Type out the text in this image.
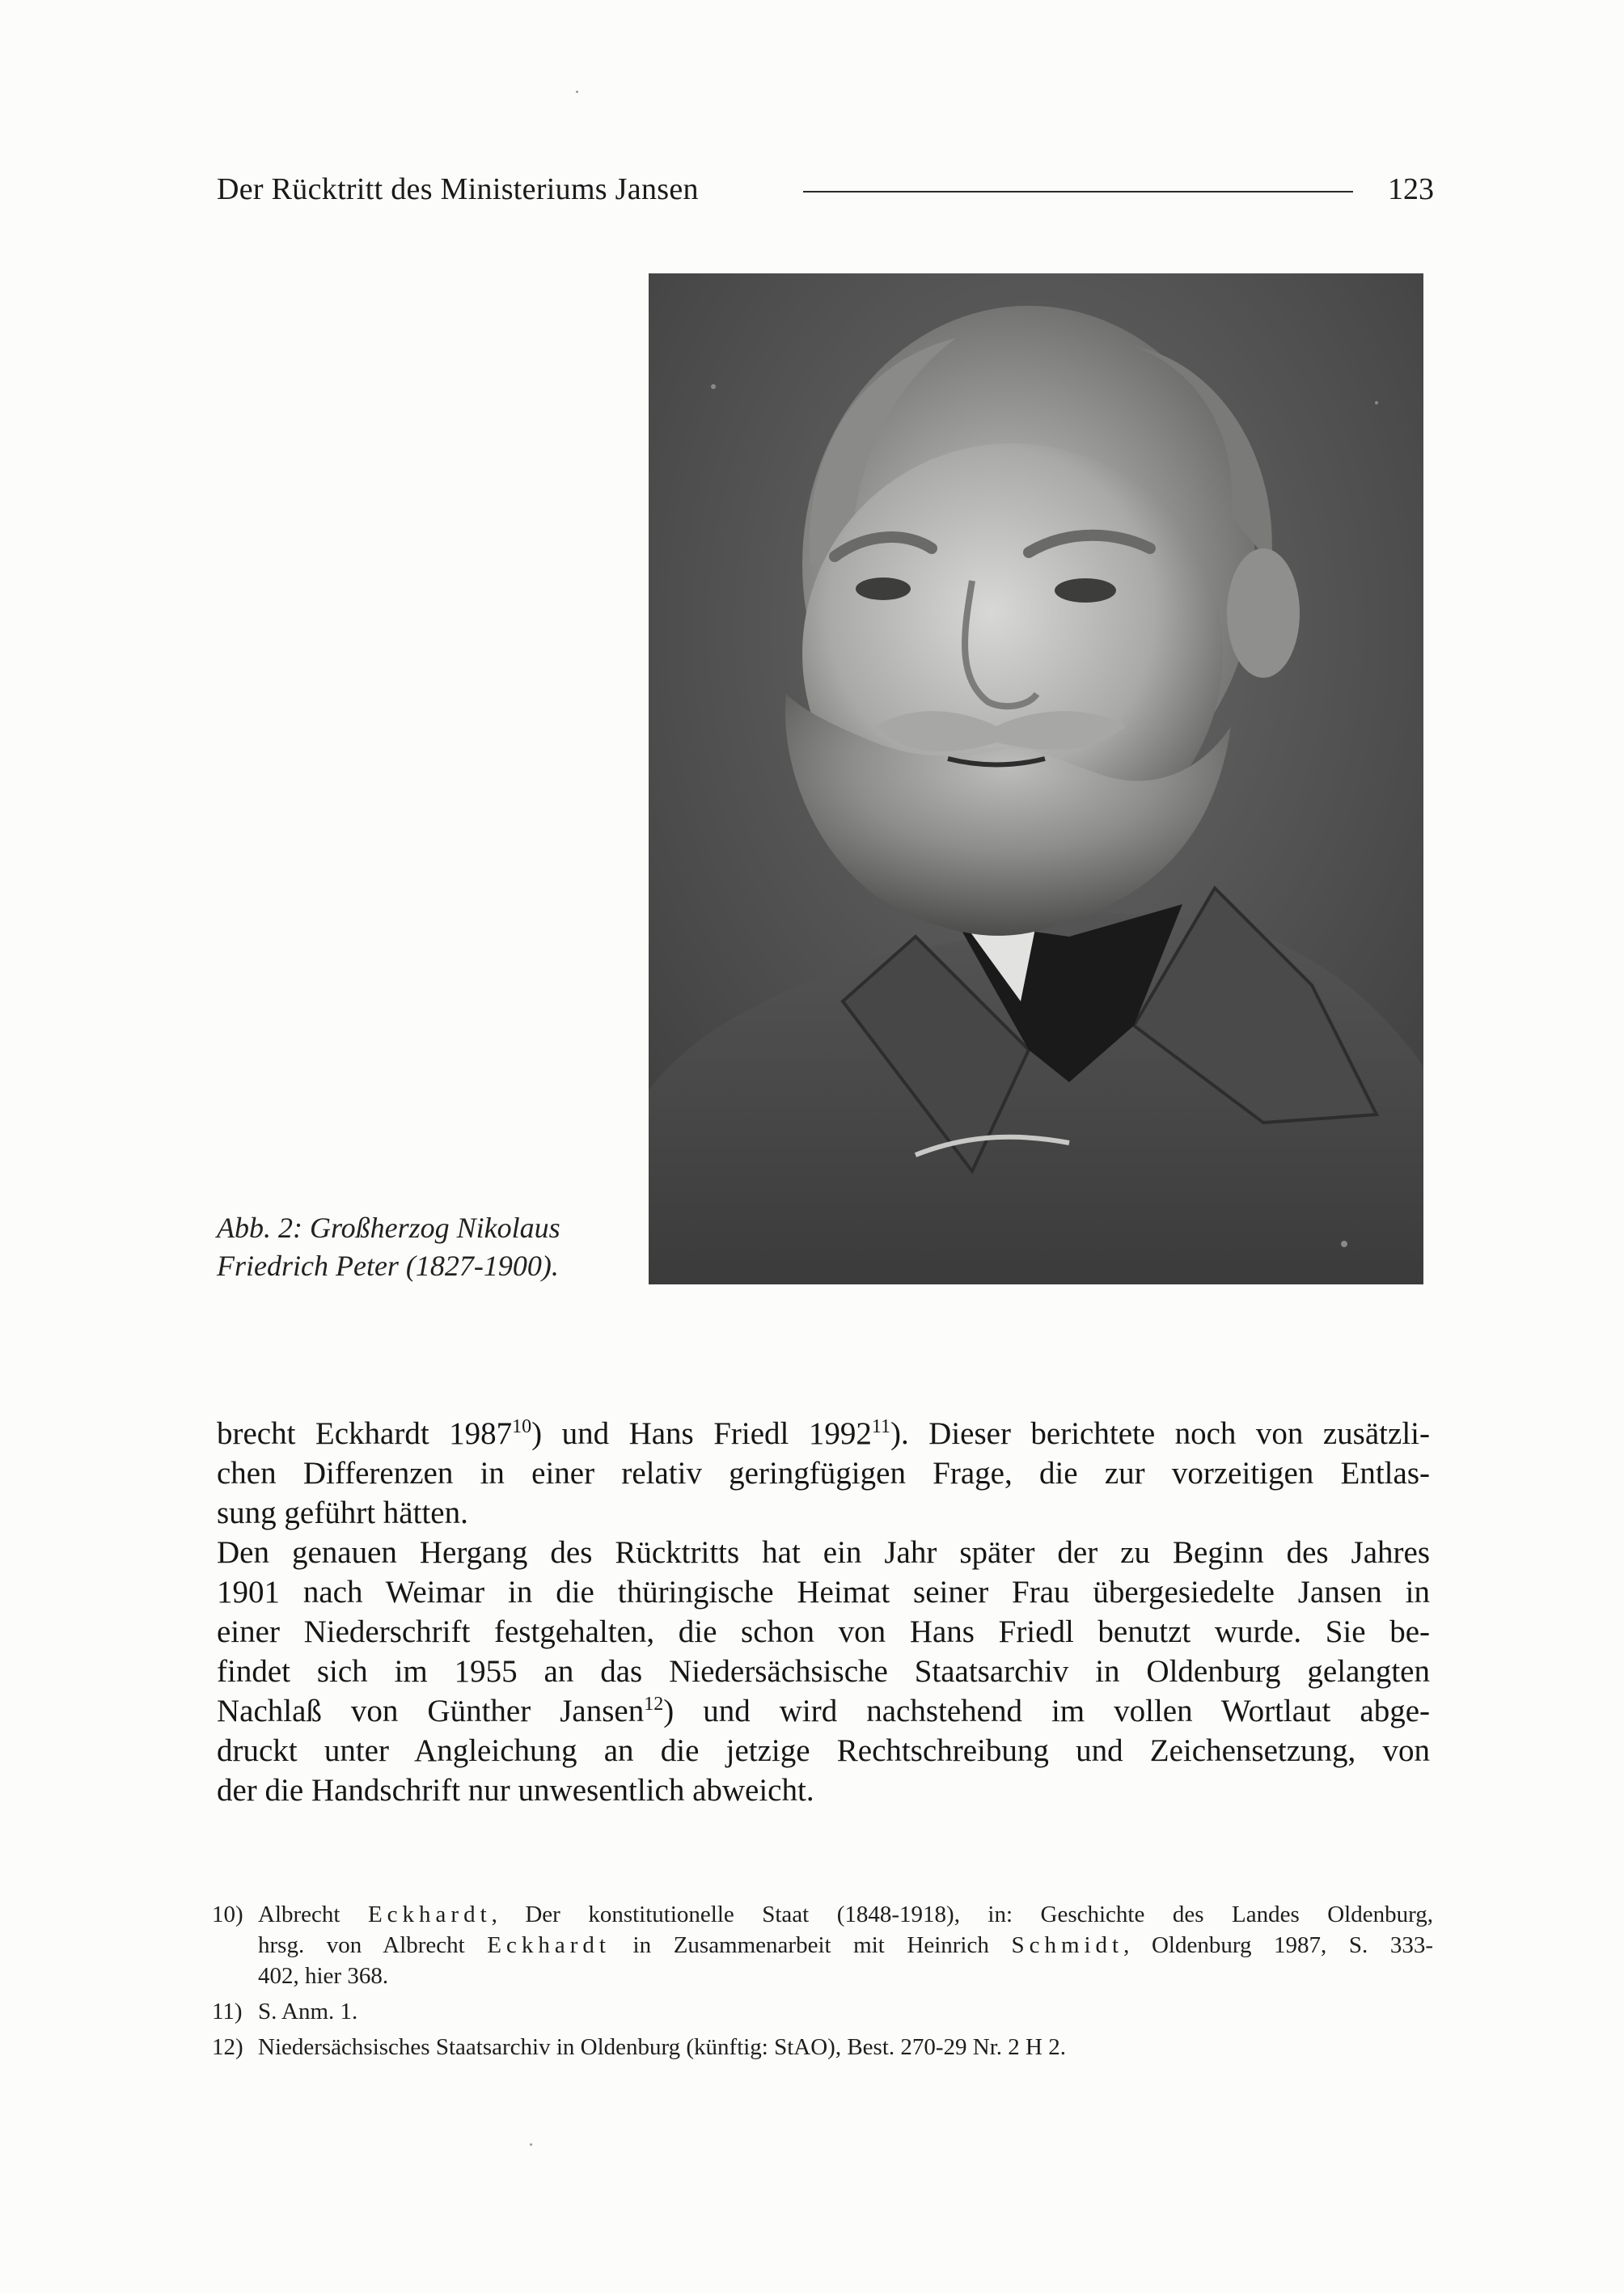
Der Rücktritt des Ministeriums Jansen	123
Abb. 2: Großherzog Nikolaus
Friedrich Peter (1827-1900).
brecht Eckhardt 1987$^{10}$) und Hans Friedl 1992$^{11}$). Dieser berichtete noch von zusätzli-
chen Differenzen in einer relativ geringfügigen Frage, die zur vorzeitigen Entlas-
sung geführt hätten.
Den genauen Hergang des Rücktritts hat ein Jahr später der zu Beginn des Jahres
1901 nach Weimar in die thüringische Heimat seiner Frau übergesiedelte Jansen in
einer Niederschrift festgehalten, die schon von Hans Friedl benutzt wurde. Sie be-
findet sich im 1955 an das Niedersächsische Staatsarchiv in Oldenburg gelangten
Nachlaß von Günther Jansen$^{12}$) und wird nachstehend im vollen Wortlaut abge-
druckt unter Angleichung an die jetzige Rechtschreibung und Zeichensetzung, von
der die Handschrift nur unwesentlich abweicht.
10) Albrecht Eckhardt, Der konstitutionelle Staat (1848-1918), in: Geschichte des Landes Oldenburg,
hrsg. von Albrecht Eckhardt in Zusammenarbeit mit Heinrich Schmidt, Oldenburg 1987, S. 333-
402, hier 368.
11) S. Anm. 1.
12) Niedersächsisches Staatsarchiv in Oldenburg (künftig: StAO), Best. 270-29 Nr. 2 H 2.
